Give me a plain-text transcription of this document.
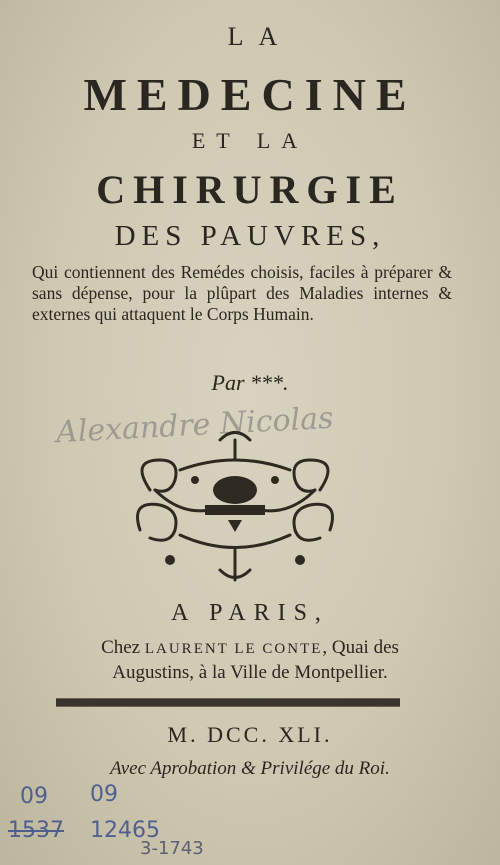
LA
MEDECINE
ET LA
CHIRURGIE
DES PAUVRES,
Qui contiennent des Remédes choisis, faciles à préparer & sans dépense, pour la plûpart des Maladies internes & externes qui attaquent le Corps Humain.
Par ***.
Alexandre Nicolas
A PARIS,
Chez LAURENT LE CONTE, Quai des
Augustins, à la Ville de Montpellier.
M. DCC. XLI.
Avec Aprobation & Privilége du Roi.
09 09
1537 12465
3-1743
